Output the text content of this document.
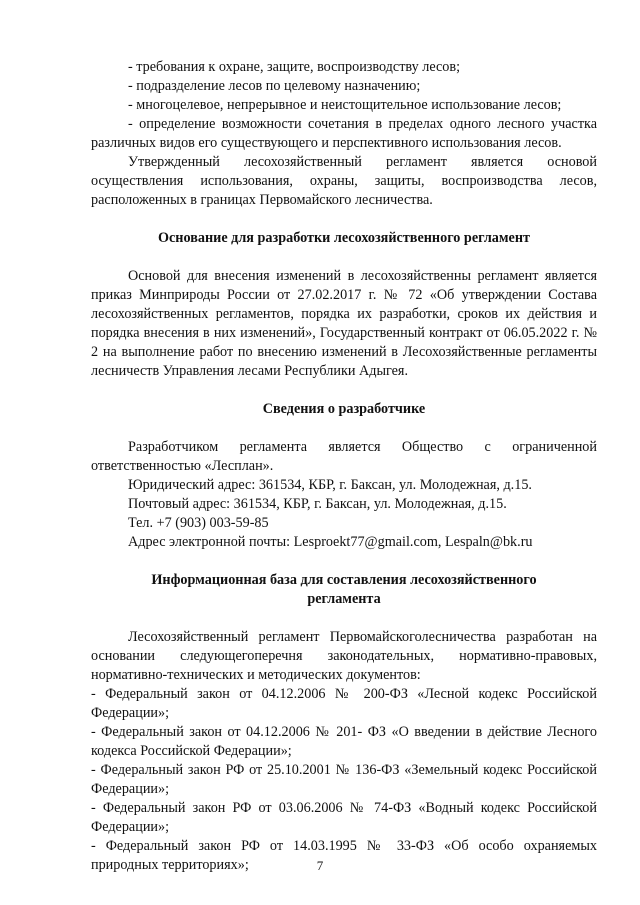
- требования к охране, защите, воспроизводству лесов;

- подразделение лесов по целевому назначению;

- многоцелевое, непрерывное и неистощительное использование лесов;

- определение возможности сочетания в пределах одного лесного участка различных видов его существующего и перспективного использования лесов.

Утвержденный лесохозяйственный регламент является основой осуществления использования, охраны, защиты, воспроизводства лесов, расположенных в границах Первомайского лесничества.

Основание для разработки лесохозяйственного регламент

Основой для внесения изменений в лесохозяйственны регламент является приказ Минприроды России от 27.02.2017 г. № 72 «Об утверждении Состава лесохозяйственных регламентов, порядка их разработки, сроков их действия и порядка внесения в них изменений», Государственный контракт от 06.05.2022 г. № 2 на выполнение работ по внесению изменений в Лесохозяйственные регламенты лесничеств Управления лесами Республики Адыгея.

Сведения о разработчике

Разработчиком регламента является Общество с ограниченной ответственностью «Лесплан».

Юридический адрес: 361534, КБР, г. Баксан, ул. Молодежная, д.15.

Почтовый адрес: 361534, КБР, г. Баксан, ул. Молодежная, д.15.

Тел. +7 (903) 003-59-85

Адрес электронной почты: Lesproekt77@gmail.com, Lespaln@bk.ru

Информационная база для составления лесохозяйственного регламента

Лесохозяйственный регламент Первомайскоголесничества разработан на основании следующегоперечня законодательных, нормативно-правовых, нормативно-технических и методических документов:

- Федеральный закон от 04.12.2006 № 200-ФЗ «Лесной кодекс Российской Федерации»;

- Федеральный закон от 04.12.2006 № 201- ФЗ «О введении в действие Лесного кодекса Российской Федерации»;

- Федеральный закон РФ от 25.10.2001 № 136-ФЗ «Земельный кодекс Российской Федерации»;

- Федеральный закон РФ от 03.06.2006 № 74-ФЗ «Водный кодекс Российской Федерации»;

- Федеральный закон РФ от 14.03.1995 № 33-ФЗ «Об особо охраняемых природных территориях»;	7
